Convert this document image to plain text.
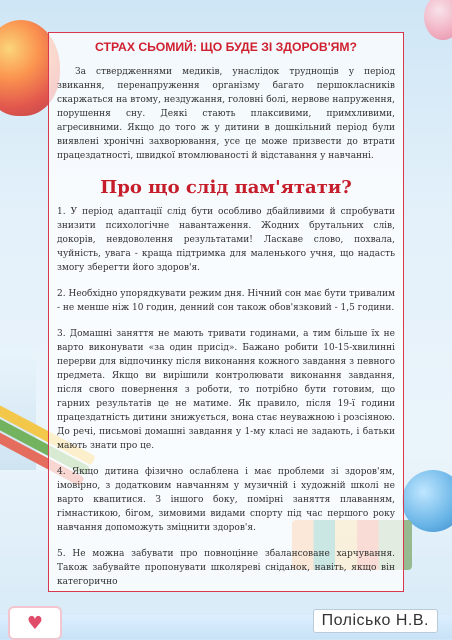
СТРАХ СЬОМИЙ: ЩО БУДЕ ЗІ ЗДОРОВ'ЯМ?

За ствердженнями медиків, унаслідок труднощів у період звикання, перенапруження організму багато першокласників скаржаться на втому, нездужання, головні болі, нервове напруження, порушення сну. Деякі стають плаксивими, примхливими, агресивними. Якщо до того ж у дитини в дошкільний період були виявлені хронічні захворювання, усе це може призвести до втрати працездатності, швидкої втомлюваності й відставання у навчанні.

Про що слід пам'ятати?

1. У період адаптації слід бути особливо дбайливими й спробувати знизити психологічне навантаження. Жодних брутальних слів, докорів, невдоволення результатами! Ласкаве слово, похвала, чуйність, увага - краща підтримка для маленького учня, що надасть змогу зберегти його здоров'я.

2. Необхідно упорядкувати режим дня. Нічний сон має бути тривалим - не менше ніж 10 годин, денний сон також обов'язковий - 1,5 години.

3. Домашні заняття не мають тривати годинами, а тим більше їх не варто виконувати «за один присід». Бажано робити 10-15-хвилинні перерви для відпочинку після виконання кожного завдання з певного предмета. Якщо ви вирішили контролювати виконання завдання, після свого повернення з роботи, то потрібно бути готовим, що гарних результатів це не матиме. Як правило, після 19-ї години працездатність дитини знижується, вона стає неуважною і розсіяною. До речі, письмові домашні завдання у 1-му класі не задають, і батьки мають знати про це.

4. Якщо дитина фізично ослаблена і має проблеми зі здоров'ям, імовірно, з додатковим навчанням у музичній і художній школі не варто квапитися. З іншого боку, помірні заняття плаванням, гімнастикою, бігом, зимовими видами спорту під час першого року навчання допоможуть зміцнити здоров'я.

5. Не можна забувати про повноцінне збалансоване харчування. Також забувайте пропонувати школяреві сніданок, навіть, якщо він категорично

♥	Полісько Н.В.
